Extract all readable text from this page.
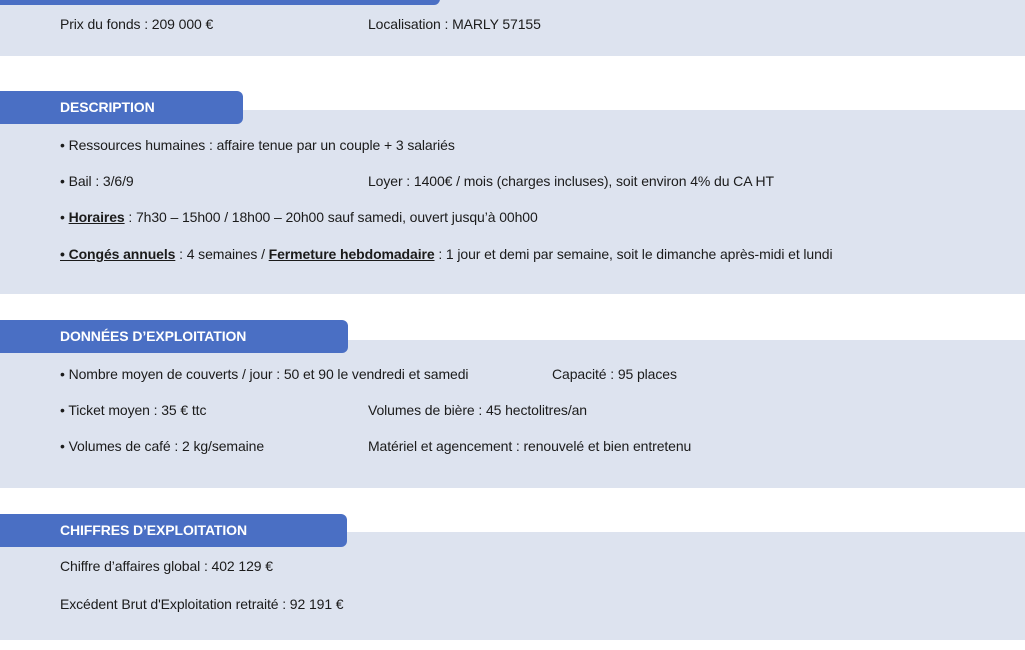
Prix du fonds : 209 000 €	Localisation : MARLY 57155
DESCRIPTION
• Ressources humaines : affaire tenue par un couple + 3 salariés
• Bail : 3/6/9	Loyer : 1400€ / mois (charges incluses), soit environ 4% du CA HT
• Horaires : 7h30 – 15h00 / 18h00 – 20h00 sauf samedi, ouvert jusqu’à 00h00
• Congés annuels : 4 semaines / Fermeture hebdomadaire : 1 jour et demi par semaine, soit le dimanche après-midi et lundi
DONNÉES D’EXPLOITATION
• Nombre moyen de couverts / jour : 50 et 90 le vendredi et samedi	Capacité : 95 places
• Ticket moyen : 35 € ttc	Volumes de bière : 45 hectolitres/an
• Volumes de café : 2 kg/semaine	Matériel et agencement : renouvelé et bien entretenu
CHIFFRES D’EXPLOITATION
Chiffre d’affaires global : 402 129 €
Excédent Brut d'Exploitation retraité : 92 191 €
